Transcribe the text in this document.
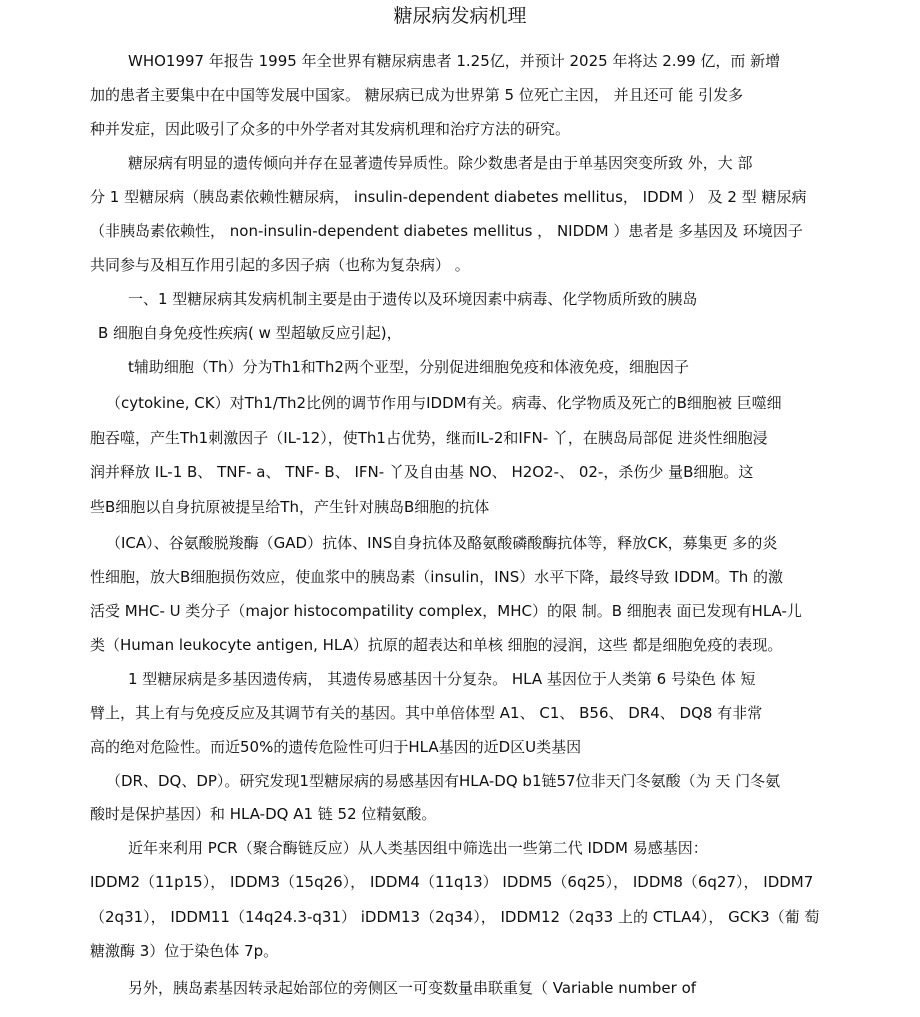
糖尿病发病机理
WHO1997 年报告 1995 年全世界有糖尿病患者 1.25亿，并预计 2025 年将达 2.99 亿，而 新增
加的患者主要集中在中国等发展中国家。 糖尿病已成为世界第 5 位死亡主因， 并且还可 能 引发多
种并发症，因此吸引了众多的中外学者对其发病机理和治疗方法的研究。
糖尿病有明显的遗传倾向并存在显著遗传异质性。除少数患者是由于单基因突变所致 外，大 部
分 1 型糖尿病（胰岛素依赖性糖尿病， insulin-dependent diabetes mellitus， IDDM ） 及 2 型 糖尿病
（非胰岛素依赖性， non-insulin-dependent diabetes mellitus ， NIDDM ）患者是 多基因及 环境因子
共同参与及相互作用引起的多因子病（也称为复杂病） 。
一、1 型糖尿病其发病机制主要是由于遗传以及环境因素中病毒、化学物质所致的胰岛
B 细胞自身免疫性疾病( w 型超敏反应引起)，
t辅助细胞（Th）分为Th1和Th2两个亚型，分别促进细胞免疫和体液免疫，细胞因子
（cytokine, CK）对Th1/Th2比例的调节作用与IDDM有关。病毒、化学物质及死亡的B细胞被 巨噬细
胞吞噬，产生Th1刺激因子（IL-12），使Th1占优势，继而IL-2和IFN- 丫，在胰岛局部促 进炎性细胞浸
润并释放 IL-1 B、 TNF- a、 TNF- B、 IFN- 丫及自由基 NO、 H2O2-、 02-，杀伤少 量B细胞。这
些B细胞以自身抗原被提呈给Th，产生针对胰岛B细胞的抗体
（ICA）、谷氨酸脱羧酶（GAD）抗体、INS自身抗体及酪氨酸磷酸酶抗体等，释放CK，募集更 多的炎
性细胞，放大B细胞损伤效应，使血浆中的胰岛素（insulin，INS）水平下降，最终导致 IDDM。Th 的激
活受 MHC- U 类分子（major histocompatility complex，MHC）的限 制。B 细胞表 面已发现有HLA-儿
类（Human leukocyte antigen, HLA）抗原的超表达和单核 细胞的浸润，这些 都是细胞免疫的表现。
1 型糖尿病是多基因遗传病， 其遗传易感基因十分复杂。 HLA 基因位于人类第 6 号染色 体 短
臂上，其上有与免疫反应及其调节有关的基因。其中单倍体型 A1、 C1、 B56、 DR4、 DQ8 有非常
高的绝对危险性。而近50%的遗传危险性可归于HLA基因的近D区U类基因
（DR、DQ、DP）。研究发现1型糖尿病的易感基因有HLA-DQ b1链57位非天门冬氨酸（为 天 门冬氨
酸时是保护基因）和 HLA-DQ A1 链 52 位精氨酸。
近年来利用 PCR（聚合酶链反应）从人类基因组中筛选出一些第二代 IDDM 易感基因：
IDDM2（11p15）， IDDM3（15q26）， IDDM4（11q13） IDDM5（6q25）， IDDM8（6q27）， IDDM7
（2q31）， IDDM11（14q24.3-q31） iDDM13（2q34）， IDDM12（2q33 上的 CTLA4）， GCK3（葡 萄
糖激酶 3）位于染色体 7p。
另外，胰岛素基因转录起始部位的旁侧区一可变数量串联重复（ Variable number of
